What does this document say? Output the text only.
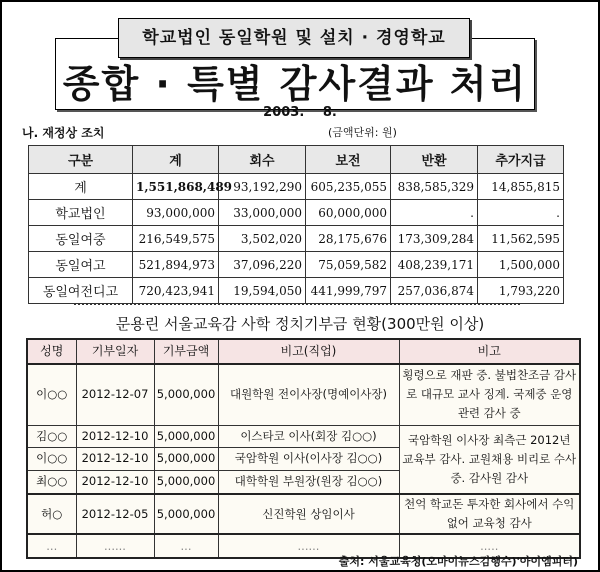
학교법인 동일학원 및 설치 · 경영학교
종합 · 특별 감사결과 처리
2003. 8.
나. 재정상 조치	(금액단위: 원)
구분	계	회수	보전	반환	추가지급
계	1,551,868,489	93,192,290	605,235,055	838,585,329	14,855,815
학교법인	93,000,000	33,000,000	60,000,000	.	.
동일여중	216,549,575	3,502,020	28,175,676	173,309,284	11,562,595
동일여고	521,894,973	37,096,220	75,059,582	408,239,171	1,500,000
동일여전디고	720,423,941	19,594,050	441,999,797	257,036,874	1,793,220
문용린 서울교육감 사학 정치기부금 현황(300만원 이상)
성명	기부일자	기부금액	비고(직업)	비고
이○○	2012-12-07	5,000,000	대원학원 전이사장(명예이사장)	횡령으로 재판 중. 불법찬조금 감사로 대규모 교사 징계. 국제중 운영 관련 감사 중
김○○	2012-12-10	5,000,000	이스타코 이사(회장 김○○)	국암학원 이사장 최측근 2012년 교육부 감사. 교원채용 비리로 수사 중. 감사원 감사
이○○	2012-12-10	5,000,000	국암학원 이사(이사장 김○○)	
최○○	2012-12-10	5,000,000	대학학원 부원장(원장 김○○)	
허○	2012-12-05	5,000,000	신진학원 상임이사	천억 학교돈 투자한 회사에서 수익 없어 교육청 감사
...	......	...	......	.....
출처: 서울교육청(오마이뉴스김행수)'아이엠피터)
